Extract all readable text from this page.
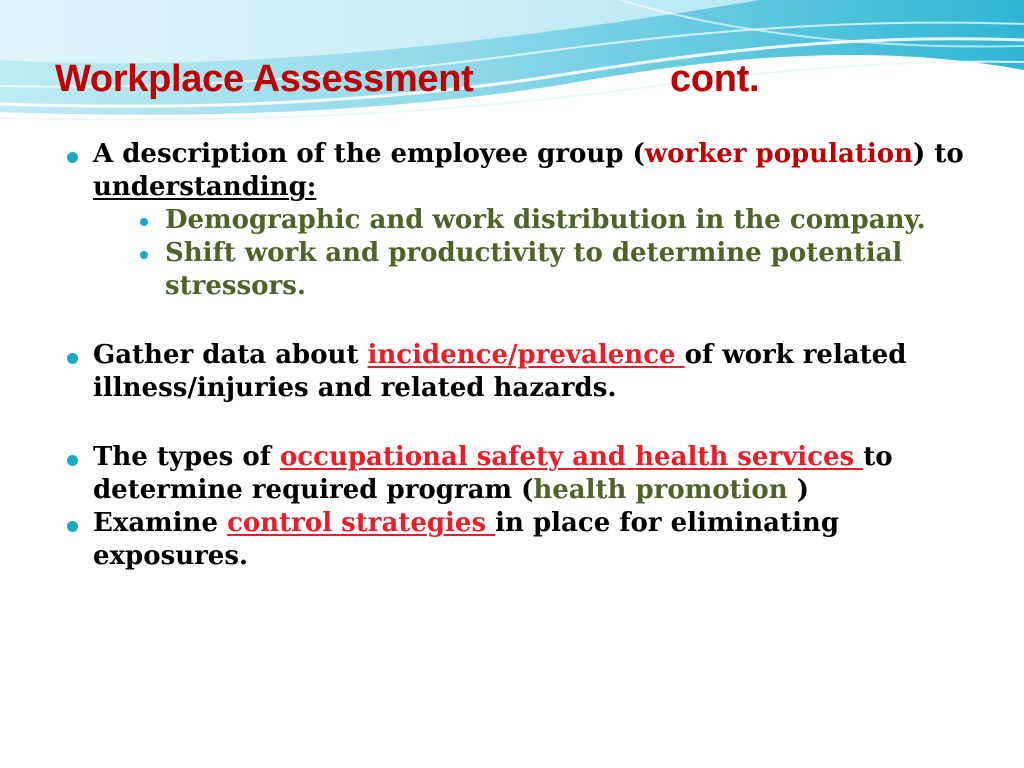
Workplace Assessment	cont.
A description of the employee group (worker population) to understanding:
Demographic and work distribution in the company.
Shift work and productivity to determine potential stressors.
Gather data about incidence/prevalence of work related illness/injuries and related hazards.
The types of occupational safety and health services to determine required program (health promotion )
Examine control strategies in place for eliminating exposures.
